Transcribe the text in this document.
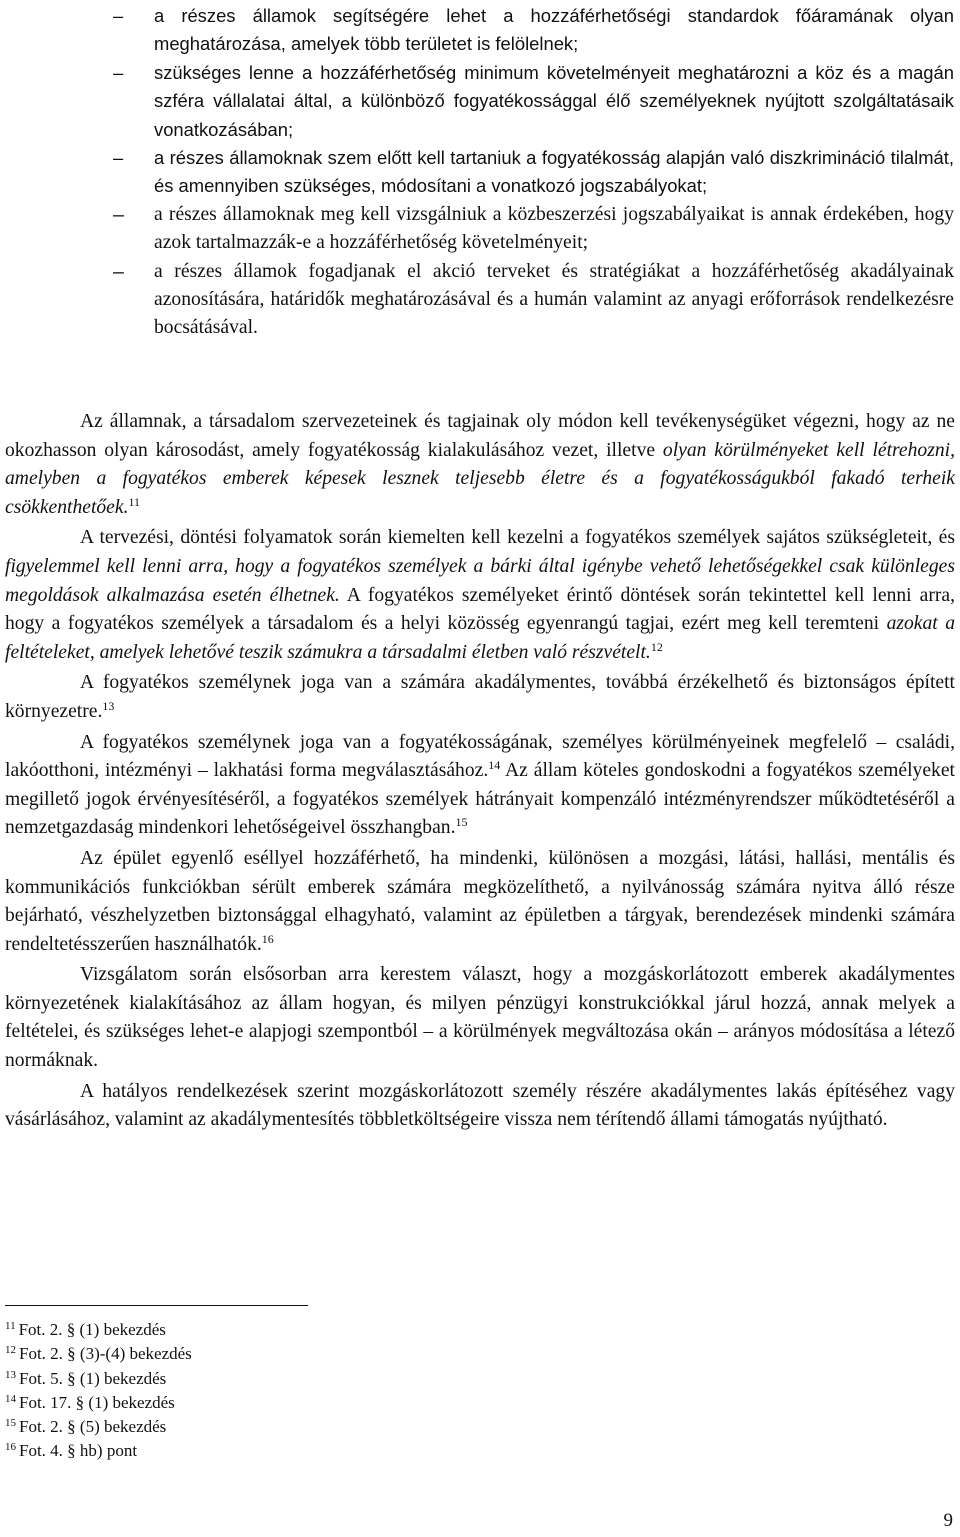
– a részes államok segítségére lehet a hozzáférhetőségi standardok főáramának olyan meghatározása, amelyek több területet is felölelnek;

– szükséges lenne a hozzáférhetőség minimum követelményeit meghatározni a köz és a magán szféra vállalatai által, a különböző fogyatékossággal élő személyeknek nyújtott szolgáltatásaik vonatkozásában;

– a részes államoknak szem előtt kell tartaniuk a fogyatékosság alapján való diszkrimináció tilalmát, és amennyiben szükséges, módosítani a vonatkozó jogszabályokat;

– a részes államoknak meg kell vizsgálniuk a közbeszerzési jogszabályaikat is annak érdekében, hogy azok tartalmazzák-e a hozzáférhetőség követelményeit;

– a részes államok fogadjanak el akció terveket és stratégiákat a hozzáférhetőség akadályainak azonosítására, határidők meghatározásával és a humán valamint az anyagi erőforrások rendelkezésre bocsátásával.

Az államnak, a társadalom szervezeteinek és tagjainak oly módon kell tevékenységüket végezni, hogy az ne okozhasson olyan károsodást, amely fogyatékosság kialakulásához vezet, illetve olyan körülményeket kell létrehozni, amelyben a fogyatékos emberek képesek lesznek teljesebb életre és a fogyatékosságukból fakadó terheik csökkenthetőek.$^{11}$

A tervezési, döntési folyamatok során kiemelten kell kezelni a fogyatékos személyek sajátos szükségleteit, és figyelemmel kell lenni arra, hogy a fogyatékos személyek a bárki által igénybe vehető lehetőségekkel csak különleges megoldások alkalmazása esetén élhetnek. A fogyatékos személyeket érintő döntések során tekintettel kell lenni arra, hogy a fogyatékos személyek a társadalom és a helyi közösség egyenrangú tagjai, ezért meg kell teremteni azokat a feltételeket, amelyek lehetővé teszik számukra a társadalmi életben való részvételt.$^{12}$

A fogyatékos személynek joga van a számára akadálymentes, továbbá érzékelhető és biztonságos épített környezetre.$^{13}$

A fogyatékos személynek joga van a fogyatékosságának, személyes körülményeinek megfelelő – családi, lakóotthoni, intézményi – lakhatási forma megválasztásához.$^{14}$ Az állam köteles gondoskodni a fogyatékos személyeket megillető jogok érvényesítéséről, a fogyatékos személyek hátrányait kompenzáló intézményrendszer működtetéséről a nemzetgazdaság mindenkori lehetőségeivel összhangban.$^{15}$

Az épület egyenlő eséllyel hozzáférhető, ha mindenki, különösen a mozgási, látási, hallási, mentális és kommunikációs funkciókban sérült emberek számára megközelíthető, a nyilvánosság számára nyitva álló része bejárható, vészhelyzetben biztonsággal elhagyható, valamint az épületben a tárgyak, berendezések mindenki számára rendeltetésszerűen használhatók.$^{16}$

Vizsgálatom során elsősorban arra kerestem választ, hogy a mozgáskorlátozott emberek akadálymentes környezetének kialakításához az állam hogyan, és milyen pénzügyi konstrukciókkal járul hozzá, annak melyek a feltételei, és szükséges lehet-e alapjogi szempontból – a körülmények megváltozása okán – arányos módosítása a létező normáknak.

A hatályos rendelkezések szerint mozgáskorlátozott személy részére akadálymentes lakás építéséhez vagy vásárlásához, valamint az akadálymentesítés többletköltségeire vissza nem térítendő állami támogatás nyújtható.

$^{11}$ Fot. 2. § (1) bekezdés

$^{12}$ Fot. 2. § (3)-(4) bekezdés

$^{13}$ Fot. 5. § (1) bekezdés

$^{14}$ Fot. 17. § (1) bekezdés

$^{15}$ Fot. 2. § (5) bekezdés

$^{16}$ Fot. 4. § hb) pont

9
